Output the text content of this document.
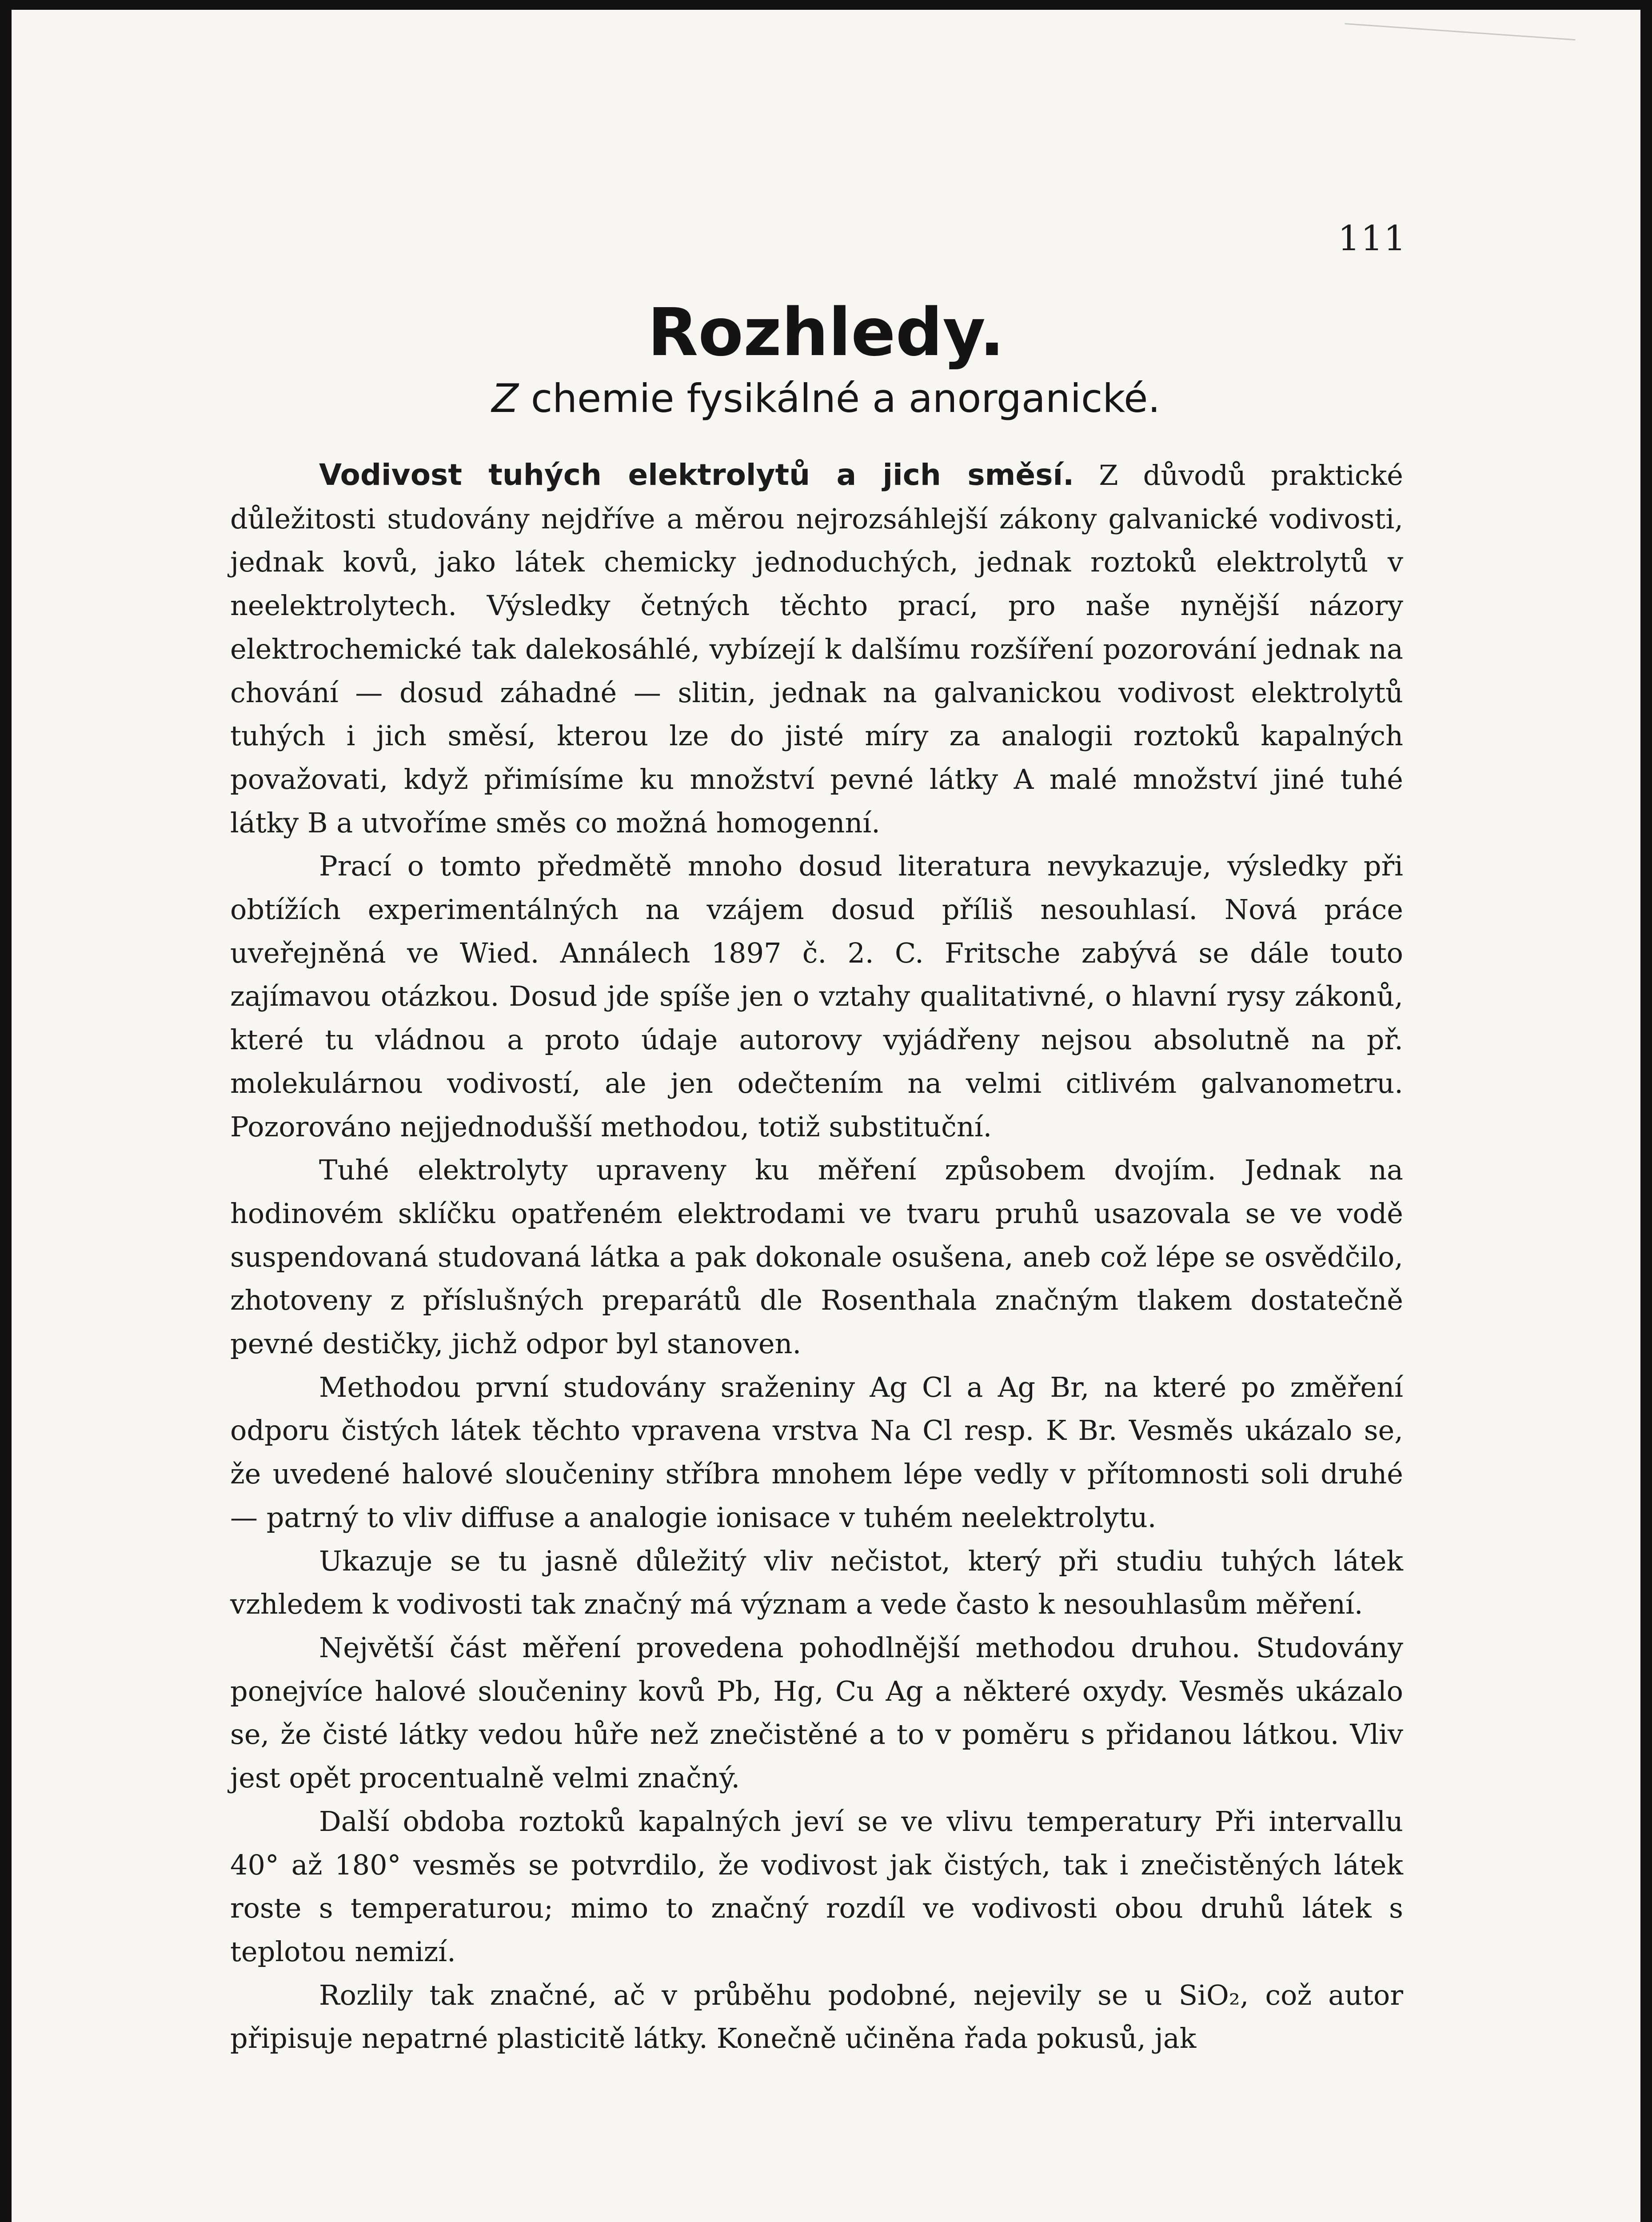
111
Rozhledy.
Z chemie fysikálné a anorganické.

Vodivost tuhých elektrolytů a jich směsí. Z důvodů praktické důležitosti studovány nejdříve a měrou nejrozsáhlejší zákony galvanické vodivosti, jednak kovů, jako látek chemicky jednoduchých, jednak roztoků elektrolytů v neelektrolytech. Výsledky četných těchto prací, pro naše nynější názory elektrochemické tak dalekosáhlé, vybízejí k dalšímu rozšíření pozorování jednak na chování — dosud záhadné — slitin, jednak na galvanickou vodivost elektrolytů tuhých i jich směsí, kterou lze do jisté míry za analogii roztoků kapalných považovati, když přimísíme ku množství pevné látky A malé množství jiné tuhé látky B a utvoříme směs co možná homogenní.

Prací o tomto předmětě mnoho dosud literatura nevykazuje, výsledky při obtížích experimentálných na vzájem dosud příliš nesouhlasí. Nová práce uveřejněná ve Wied. Annálech 1897 č. 2. C. Fritsche zabývá se dále touto zajímavou otázkou. Dosud jde spíše jen o vztahy qualitativné, o hlavní rysy zákonů, které tu vládnou a proto údaje autorovy vyjádřeny nejsou absolutně na př. molekulárnou vodivostí, ale jen odečtením na velmi citlivém galvanometru. Pozorováno nejjednodušší methodou, totiž substituční.

Tuhé elektrolyty upraveny ku měření způsobem dvojím. Jednak na hodinovém sklíčku opatřeném elektrodami ve tvaru pruhů usazovala se ve vodě suspendovaná studovaná látka a pak dokonale osušena, aneb což lépe se osvědčilo, zhotoveny z příslušných preparátů dle Rosenthala značným tlakem dostatečně pevné destičky, jichž odpor byl stanoven.

Methodou první studovány sraženiny Ag Cl a Ag Br, na které po změření odporu čistých látek těchto vpravena vrstva Na Cl resp. K Br. Vesměs ukázalo se, že uvedené halové sloučeniny stříbra mnohem lépe vedly v přítomnosti soli druhé — patrný to vliv diffuse a analogie ionisace v tuhém neelektrolytu.

Ukazuje se tu jasně důležitý vliv nečistot, který při studiu tuhých látek vzhledem k vodivosti tak značný má význam a vede často k nesouhlasům měření.

Největší část měření provedena pohodlnější methodou druhou. Studovány ponejvíce halové sloučeniny kovů Pb, Hg, Cu Ag a některé oxydy. Vesměs ukázalo se, že čisté látky vedou hůře než znečistěné a to v poměru s přidanou látkou. Vliv jest opět procentualně velmi značný.

Další obdoba roztoků kapalných jeví se ve vlivu temperatury Při intervallu 40° až 180° vesměs se potvrdilo, že vodivost jak čistých, tak i znečistěných látek roste s temperaturou; mimo to značný rozdíl ve vodivosti obou druhů látek s teplotou nemizí.

Rozlily tak značné, ač v průběhu podobné, nejevily se u SiO₂, což autor připisuje nepatrné plasticitě látky. Konečně učiněna řada pokusů, jak
